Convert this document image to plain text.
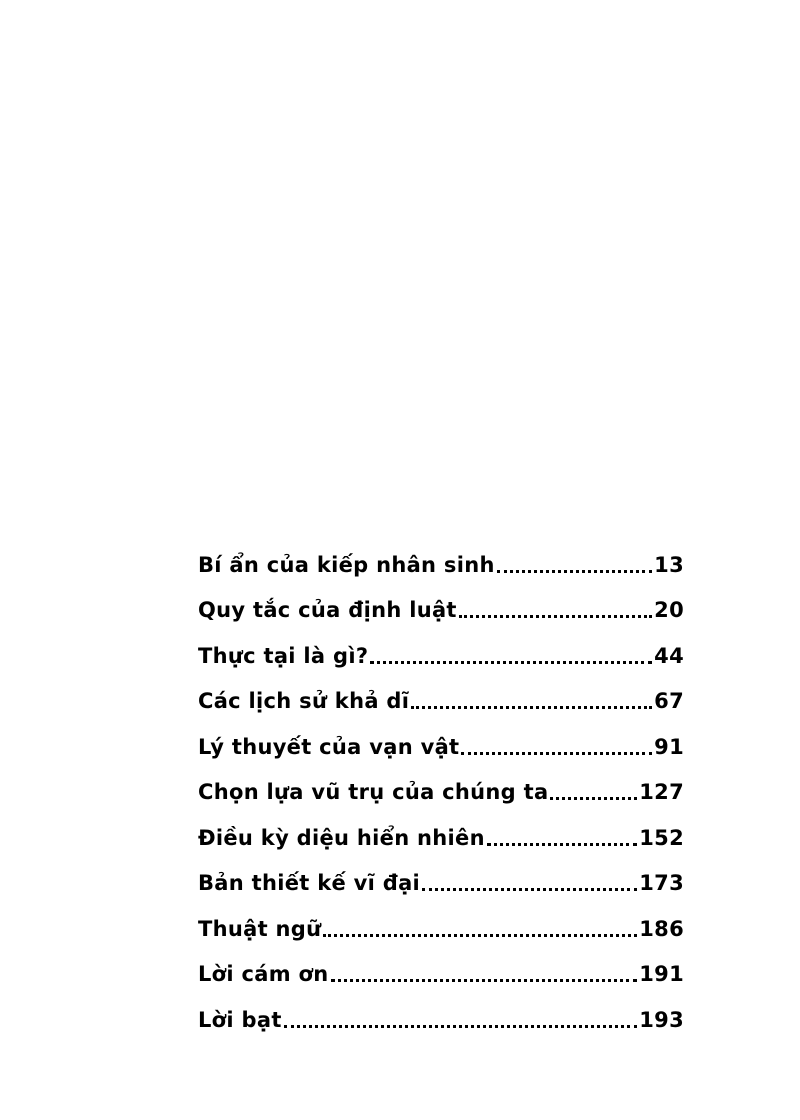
Bí ẩn của kiếp nhân sinh	13
Quy tắc của định luật	20
Thực tại là gì?	44
Các lịch sử khả dĩ	67
Lý thuyết của vạn vật	91
Chọn lựa vũ trụ của chúng ta	127
Điều kỳ diệu hiển nhiên	152
Bản thiết kế vĩ đại	173
Thuật ngữ	186
Lời cám ơn	191
Lời bạt	193
